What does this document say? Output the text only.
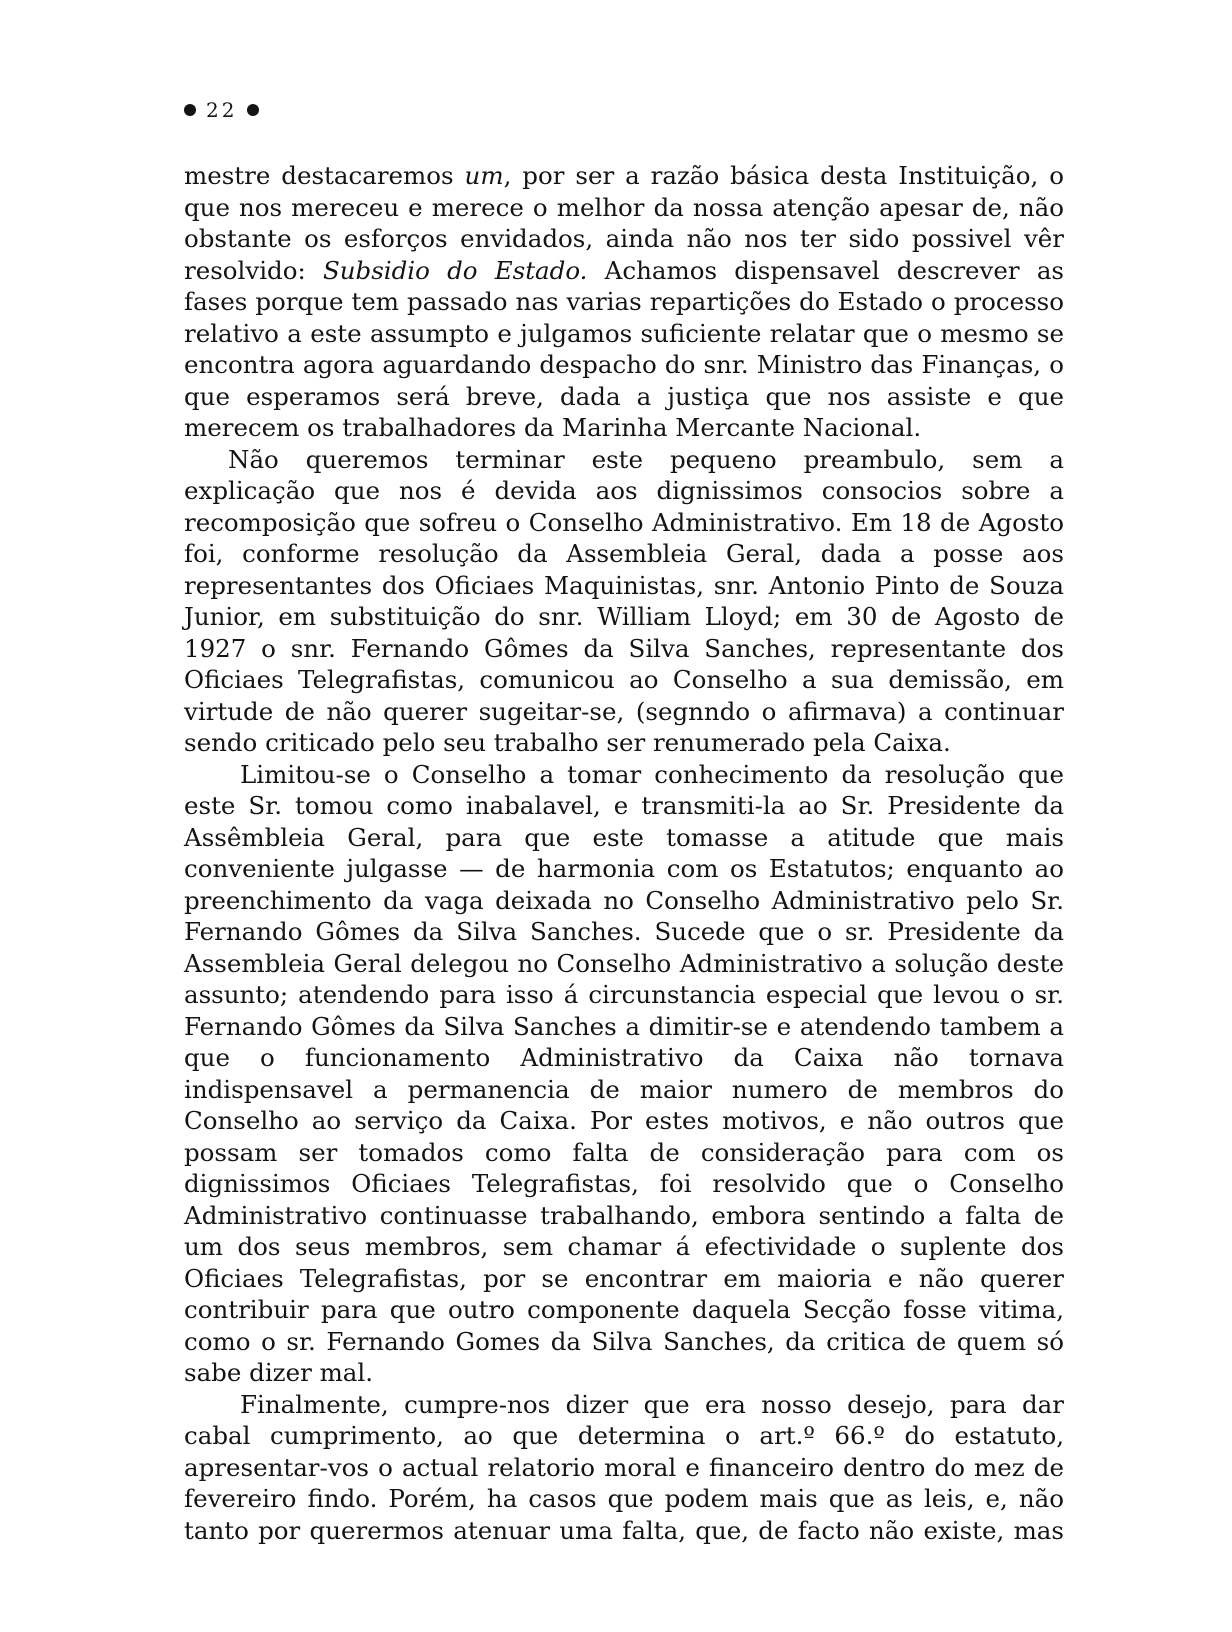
22

mestre destacaremos um, por ser a razão básica desta Instituição, o que nos mereceu e merece o melhor da nossa atenção apesar de, não obstante os esforços envidados, ainda não nos ter sido possivel vêr resolvido: Subsidio do Estado. Achamos dispensavel descrever as fases porque tem passado nas varias repartições do Estado o processo relativo a este assumpto e julgamos suficiente relatar que o mesmo se encontra agora aguardando despacho do snr. Ministro das Finanças, o que esperamos será breve, dada a justiça que nos assiste e que merecem os trabalhadores da Marinha Mercante Nacional.

Não queremos terminar este pequeno preambulo, sem a explicação que nos é devida aos dignissimos consocios sobre a recomposição que sofreu o Conselho Administrativo. Em 18 de Agosto foi, conforme resolução da Assembleia Geral, dada a posse aos representantes dos Oficiaes Maquinistas, snr. Antonio Pinto de Souza Junior, em substituição do snr. William Lloyd; em 30 de Agosto de 1927 o snr. Fernando Gômes da Silva Sanches, representante dos Oficiaes Telegrafistas, comunicou ao Conselho a sua demissão, em virtude de não querer sugeitar-se, (segnndo o afirmava) a continuar sendo criticado pelo seu trabalho ser renumerado pela Caixa.

Limitou-se o Conselho a tomar conhecimento da resolução que este Sr. tomou como inabalavel, e transmiti-la ao Sr. Presidente da Assêmbleia Geral, para que este tomasse a atitude que mais conveniente julgasse — de harmonia com os Estatutos; enquanto ao preenchimento da vaga deixada no Conselho Administrativo pelo Sr. Fernando Gômes da Silva Sanches. Sucede que o sr. Presidente da Assembleia Geral delegou no Conselho Administrativo a solução deste assunto; atendendo para isso á circunstancia especial que levou o sr. Fernando Gômes da Silva Sanches a dimitir-se e atendendo tambem a que o funcionamento Administrativo da Caixa não tornava indispensavel a permanencia de maior numero de membros do Conselho ao serviço da Caixa. Por estes motivos, e não outros que possam ser tomados como falta de consideração para com os dignissimos Oficiaes Telegrafistas, foi resolvido que o Conselho Administrativo continuasse trabalhando, embora sentindo a falta de um dos seus membros, sem chamar á efectividade o suplente dos Oficiaes Telegrafistas, por se encontrar em maioria e não querer contribuir para que outro componente daquela Secção fosse vitima, como o sr. Fernando Gomes da Silva Sanches, da critica de quem só sabe dizer mal.

Finalmente, cumpre-nos dizer que era nosso desejo, para dar cabal cumprimento, ao que determina o art.º 66.º do estatuto, apresentar-vos o actual relatorio moral e financeiro dentro do mez de fevereiro findo. Porém, ha casos que podem mais que as leis, e, não tanto por querermos atenuar uma falta, que, de facto não existe, mas
